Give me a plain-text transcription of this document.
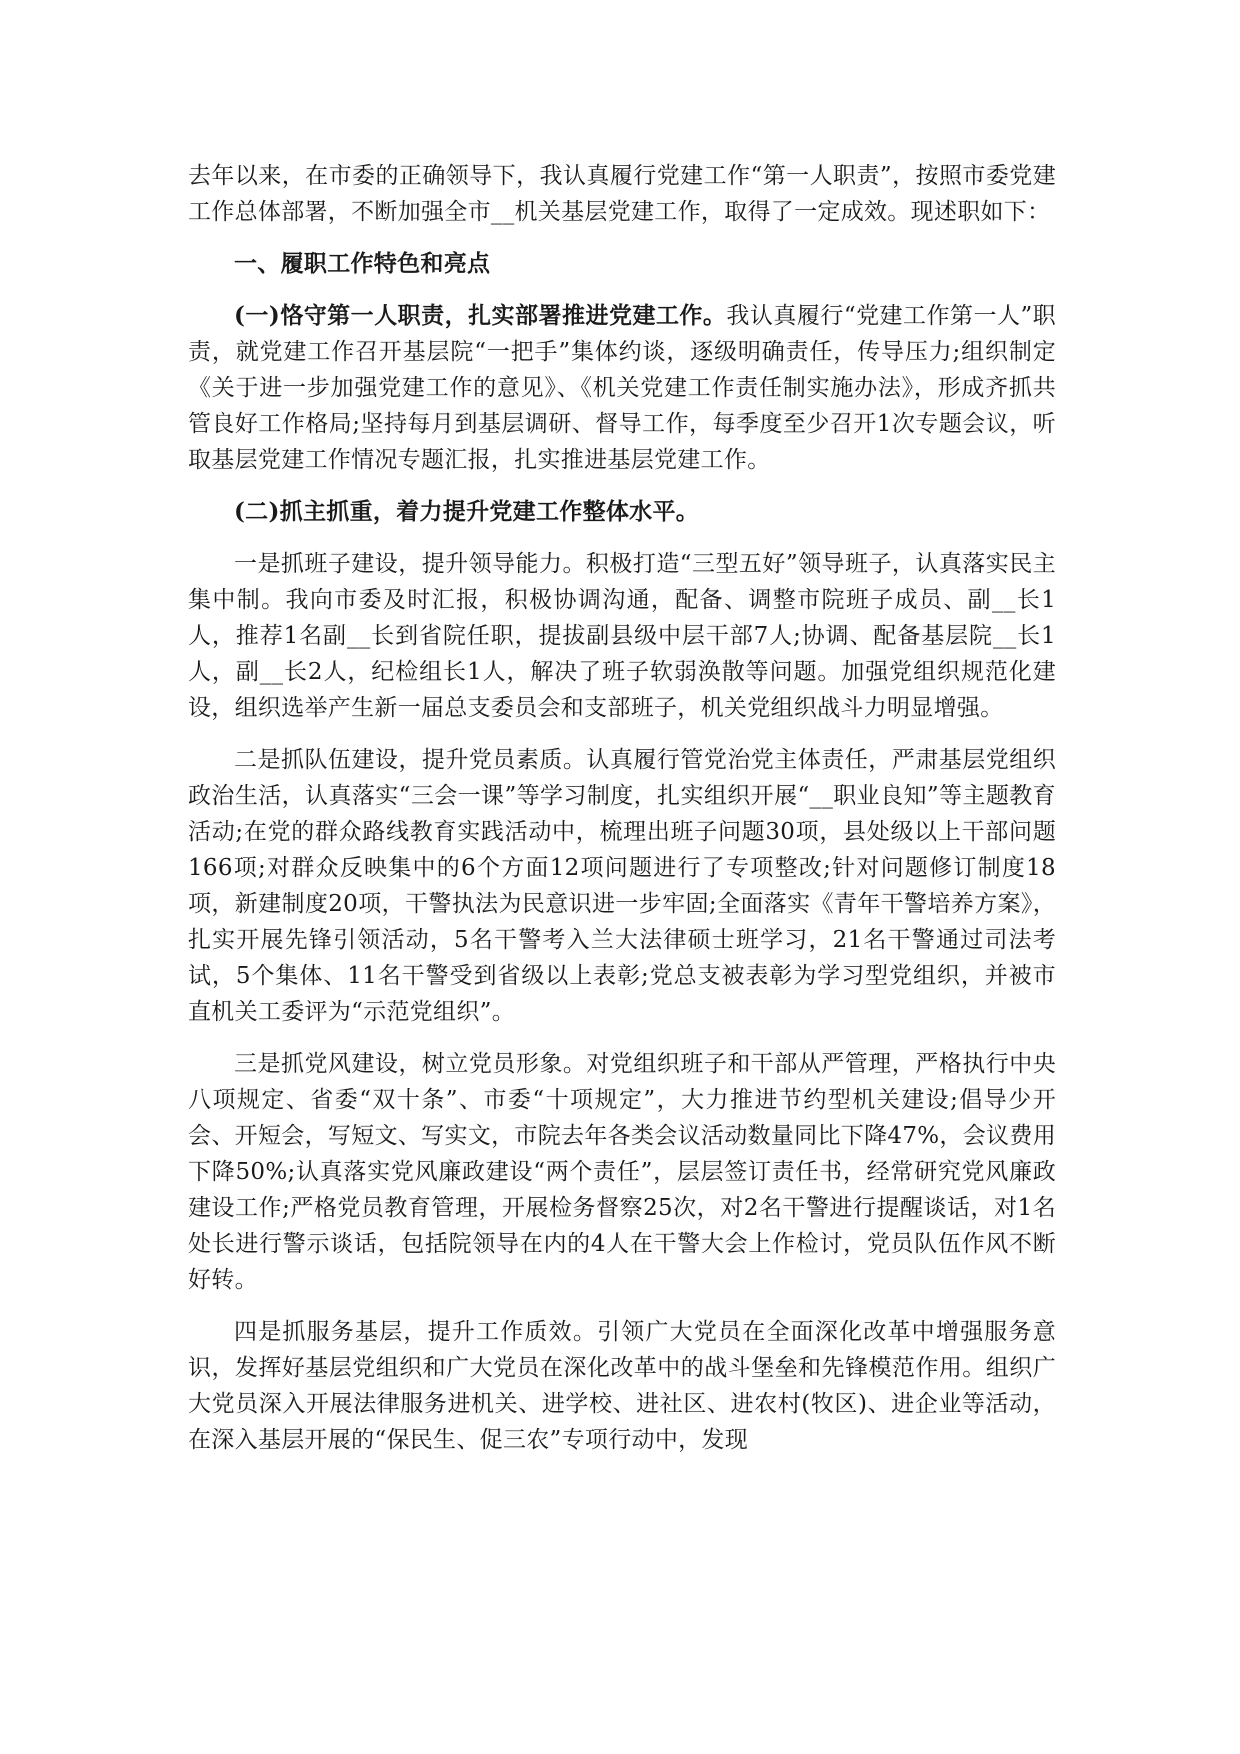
去年以来，在市委的正确领导下，我认真履行党建工作“第一人职责”，按照市委党建工作总体部署，不断加强全市__机关基层党建工作，取得了一定成效。现述职如下：

一、履职工作特色和亮点

(一)恪守第一人职责，扎实部署推进党建工作。我认真履行“党建工作第一人”职责，就党建工作召开基层院“一把手”集体约谈，逐级明确责任，传导压力;组织制定《关于进一步加强党建工作的意见》、《机关党建工作责任制实施办法》，形成齐抓共管良好工作格局;坚持每月到基层调研、督导工作，每季度至少召开1次专题会议，听取基层党建工作情况专题汇报，扎实推进基层党建工作。

(二)抓主抓重，着力提升党建工作整体水平。

一是抓班子建设，提升领导能力。积极打造“三型五好”领导班子，认真落实民主集中制。我向市委及时汇报，积极协调沟通，配备、调整市院班子成员、副__长1人，推荐1名副__长到省院任职，提拔副县级中层干部7人;协调、配备基层院__长1人，副__长2人，纪检组长1人，解决了班子软弱涣散等问题。加强党组织规范化建设，组织选举产生新一届总支委员会和支部班子，机关党组织战斗力明显增强。

二是抓队伍建设，提升党员素质。认真履行管党治党主体责任，严肃基层党组织政治生活，认真落实“三会一课”等学习制度，扎实组织开展“__职业良知”等主题教育活动;在党的群众路线教育实践活动中，梳理出班子问题30项，县处级以上干部问题166项;对群众反映集中的6个方面12项问题进行了专项整改;针对问题修订制度18项，新建制度20项，干警执法为民意识进一步牢固;全面落实《青年干警培养方案》，扎实开展先锋引领活动，5名干警考入兰大法律硕士班学习，21名干警通过司法考试，5个集体、11名干警受到省级以上表彰;党总支被表彰为学习型党组织，并被市直机关工委评为“示范党组织”。

三是抓党风建设，树立党员形象。对党组织班子和干部从严管理，严格执行中央八项规定、省委“双十条”、市委“十项规定”，大力推进节约型机关建设;倡导少开会、开短会，写短文、写实文，市院去年各类会议活动数量同比下降47%，会议费用下降50%;认真落实党风廉政建设“两个责任”，层层签订责任书，经常研究党风廉政建设工作;严格党员教育管理，开展检务督察25次，对2名干警进行提醒谈话，对1名处长进行警示谈话，包括院领导在内的4人在干警大会上作检讨，党员队伍作风不断好转。

四是抓服务基层，提升工作质效。引领广大党员在全面深化改革中增强服务意识，发挥好基层党组织和广大党员在深化改革中的战斗堡垒和先锋模范作用。组织广大党员深入开展法律服务进机关、进学校、进社区、进农村(牧区)、进企业等活动，在深入基层开展的“保民生、促三农”专项行动中，发现
